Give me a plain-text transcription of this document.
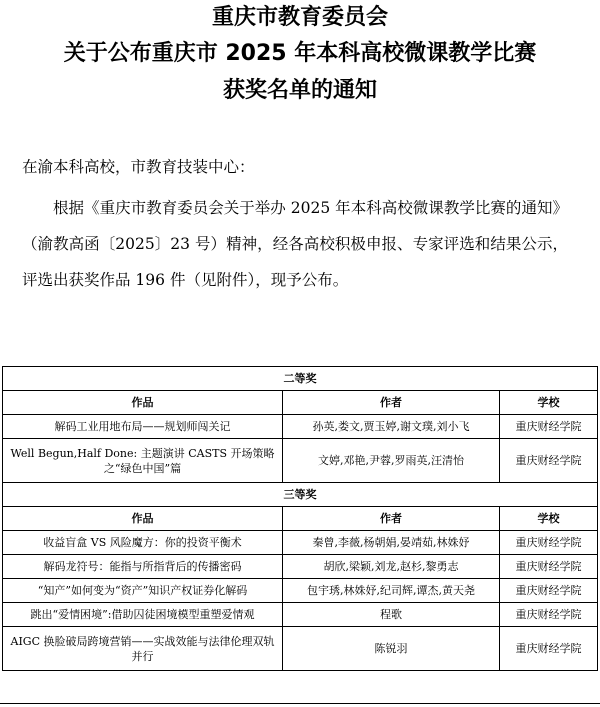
重庆市教育委员会
关于公布重庆市 2025 年本科高校微课教学比赛
获奖名单的通知
在渝本科高校，市教育技装中心：
根据《重庆市教育委员会关于举办 2025 年本科高校微课教学比赛的通知》（渝教高函〔2025〕23 号）精神，经各高校积极申报、专家评选和结果公示，评选出获奖作品 196 件（见附件），现予公布。
二等奖		
作品	作者	学校
解码工业用地布局——规划师闯关记	孙英,娄文,贾玉婷,谢文璞,刘小飞	重庆财经学院
Well Begun,Half Done: 主题演讲 CASTS 开场策略之“绿色中国”篇	文婷,邓艳,尹蓉,罗雨英,汪清怡	重庆财经学院
三等奖		
作品	作者	学校
收益盲盒 VS 风险魔方：你的投资平衡术	秦曾,李薇,杨朝娟,晏靖茹,林姝妤	重庆财经学院
解码龙符号：能指与所指背后的传播密码	胡欣,梁颖,刘龙,赵杉,黎勇志	重庆财经学院
“知产”如何变为“资产”知识产权证券化解码	包宇琇,林姝妤,纪司辉,谭杰,黄天尧	重庆财经学院
跳出“爱情困境”:借助囚徒困境模型重塑爱情观	程歌	重庆财经学院
AIGC 换脸破局跨境营销——实战效能与法律伦理双轨并行	陈锐羽	重庆财经学院
